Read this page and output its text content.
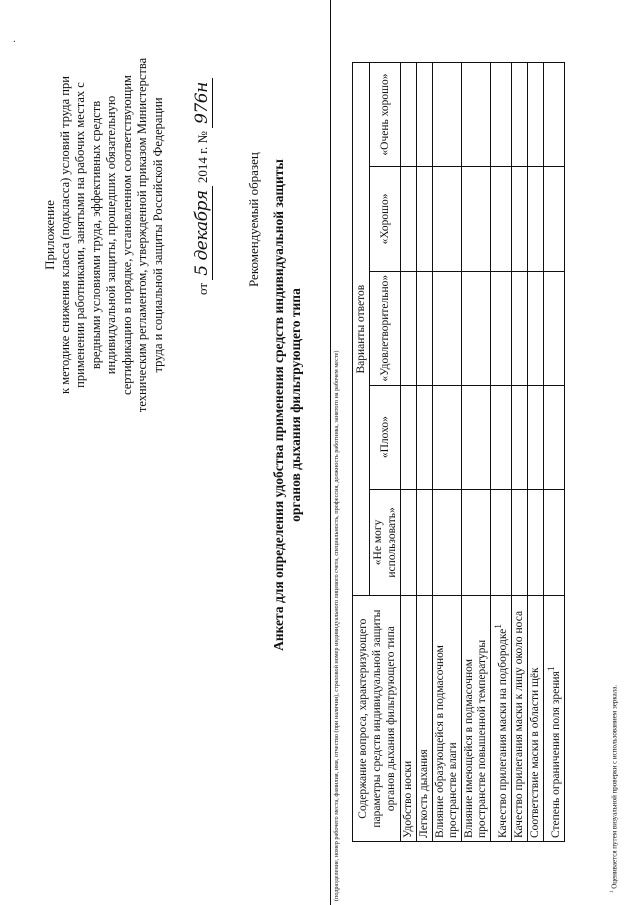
·
Приложение к методике снижения класса (подкласса) условий труда при применении работниками, занятыми на рабочих местах с вредными условиями труда, эффективных средств индивидуальной защиты, прошедших обязательную сертификацию в порядке, установленном соответствующим техническим регламентом, утвержденной приказом Министерства труда и социальной защиты Российской Федерации от 5 декабря 2014 г. № 976н
Рекомендуемый образец Анкета для определения удобства применения средств индивидуальной защиты органов дыхания фильтрующего типа	(подразделение, номер рабочего места, фамилия, имя, отчество (при наличии), страховой номер индивидуального лицевого счета, специальность, профессия, должность работника, занятого на рабочем месте) Содержание вопроса, характеризующего параметры средств индивидуальной защиты органов дыхания фильтрующего типа	Варианты ответов				
	«Не могу использовать»	«Плохо»	«Удовлетворительно»	«Хорошо»	«Очень хорошо»
Удобство носки					
Легкость дыхания					
Влияние образующейся в подмасочном пространстве влаги					
Влияние имеющейся в подмасочном пространстве повышенной температуры					
Качество прилегания маски на подбородке$^1$					
Качество прилегания маски к лицу около носа					
Соответствие маски в области щёк					
Степень ограничения поля зрения$^1$					
$^1$ Оценивается путем визуальной проверки с использованием зеркала.
